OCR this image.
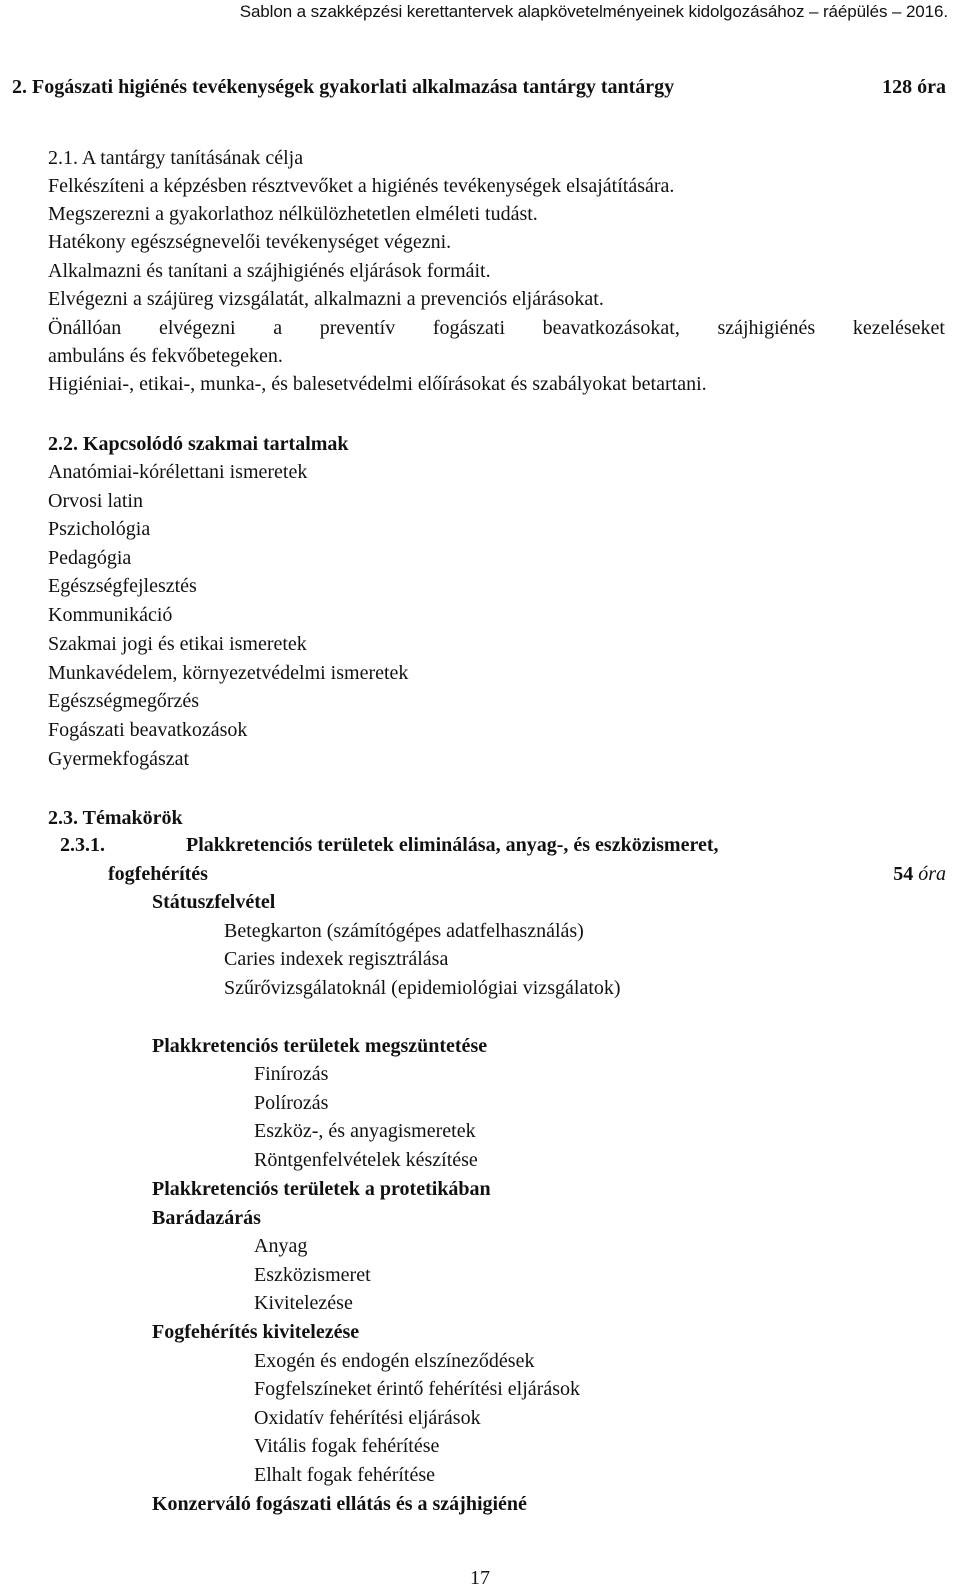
Sablon a szakképzési kerettantervek alapkövetelményeinek kidolgozásához – ráépülés – 2016.
2. Fogászati higiénés tevékenységek gyakorlati alkalmazása tantárgy tantárgy	128 óra
2.1. A tantárgy tanításának célja
Felkészíteni a képzésben résztvevőket a higiénés tevékenységek elsajátítására.
Megszerezni a gyakorlathoz nélkülözhetetlen elméleti tudást.
Hatékony egészségnevelői tevékenységet végezni.
Alkalmazni és tanítani a szájhigiénés eljárások formáit.
Elvégezni a szájüreg vizsgálatát, alkalmazni a prevenciós eljárásokat.
Önállóan elvégezni a preventív fogászati beavatkozásokat, szájhigiénés kezeléseket
ambuláns és fekvőbetegeken.
Higiéniai-, etikai-, munka-, és balesetvédelmi előírásokat és szabályokat betartani.
2.2. Kapcsolódó szakmai tartalmak
Anatómiai-kórélettani ismeretek
Orvosi latin
Pszichológia
Pedagógia
Egészségfejlesztés
Kommunikáció
Szakmai jogi és etikai ismeretek
Munkavédelem, környezetvédelmi ismeretek
Egészségmegőrzés
Fogászati beavatkozások
Gyermekfogászat
2.3. Témakörök
2.3.1.	Plakkretenciós területek eliminálása, anyag-, és eszközismeret,
fogfehérítés	54 óra
Státuszfelvétel
Betegkarton (számítógépes adatfelhasználás)
Caries indexek regisztrálása
Szűrővizsgálatoknál (epidemiológiai vizsgálatok)
Plakkretenciós területek megszüntetése
Finírozás
Polírozás
Eszköz-, és anyagismeretek
Röntgenfelvételek készítése
Plakkretenciós területek a protetikában
Barádazárás
Anyag
Eszközismeret
Kivitelezése
Fogfehérítés kivitelezése
Exogén és endogén elszíneződések
Fogfelszíneket érintő fehérítési eljárások
Oxidatív fehérítési eljárások
Vitális fogak fehérítése
Elhalt fogak fehérítése
Konzerváló fogászati ellátás és a szájhigiéné
17
